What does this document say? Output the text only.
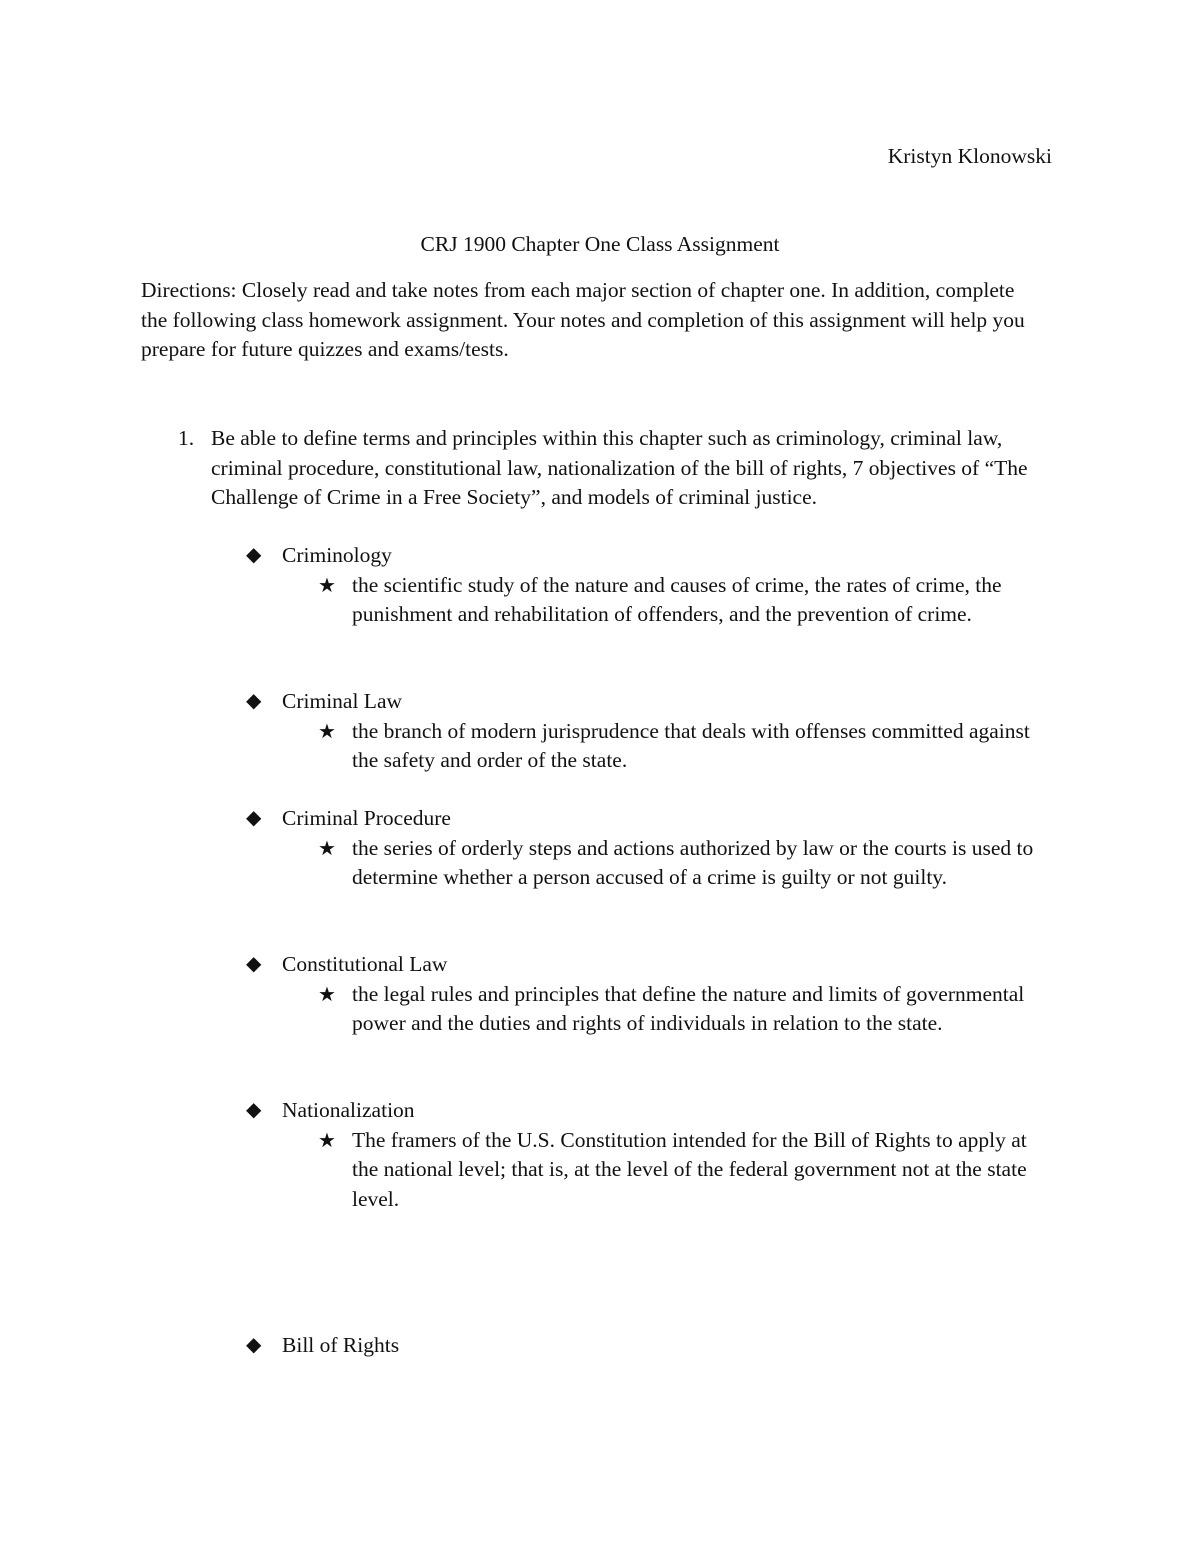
Kristyn Klonowski
CRJ 1900 Chapter One Class Assignment
Directions: Closely read and take notes from each major section of chapter one. In addition, complete the following class homework assignment. Your notes and completion of this assignment will help you prepare for future quizzes and exams/tests.
1. Be able to define terms and principles within this chapter such as criminology, criminal law, criminal procedure, constitutional law, nationalization of the bill of rights, 7 objectives of “The Challenge of Crime in a Free Society”, and models of criminal justice.
◆ Criminology
★ the scientific study of the nature and causes of crime, the rates of crime, the punishment and rehabilitation of offenders, and the prevention of crime.
◆ Criminal Law
★ the branch of modern jurisprudence that deals with offenses committed against the safety and order of the state.
◆ Criminal Procedure
★ the series of orderly steps and actions authorized by law or the courts is used to determine whether a person accused of a crime is guilty or not guilty.
◆ Constitutional Law
★ the legal rules and principles that define the nature and limits of governmental power and the duties and rights of individuals in relation to the state.
◆ Nationalization
★ The framers of the U.S. Constitution intended for the Bill of Rights to apply at the national level; that is, at the level of the federal government not at the state level.
◆ Bill of Rights
